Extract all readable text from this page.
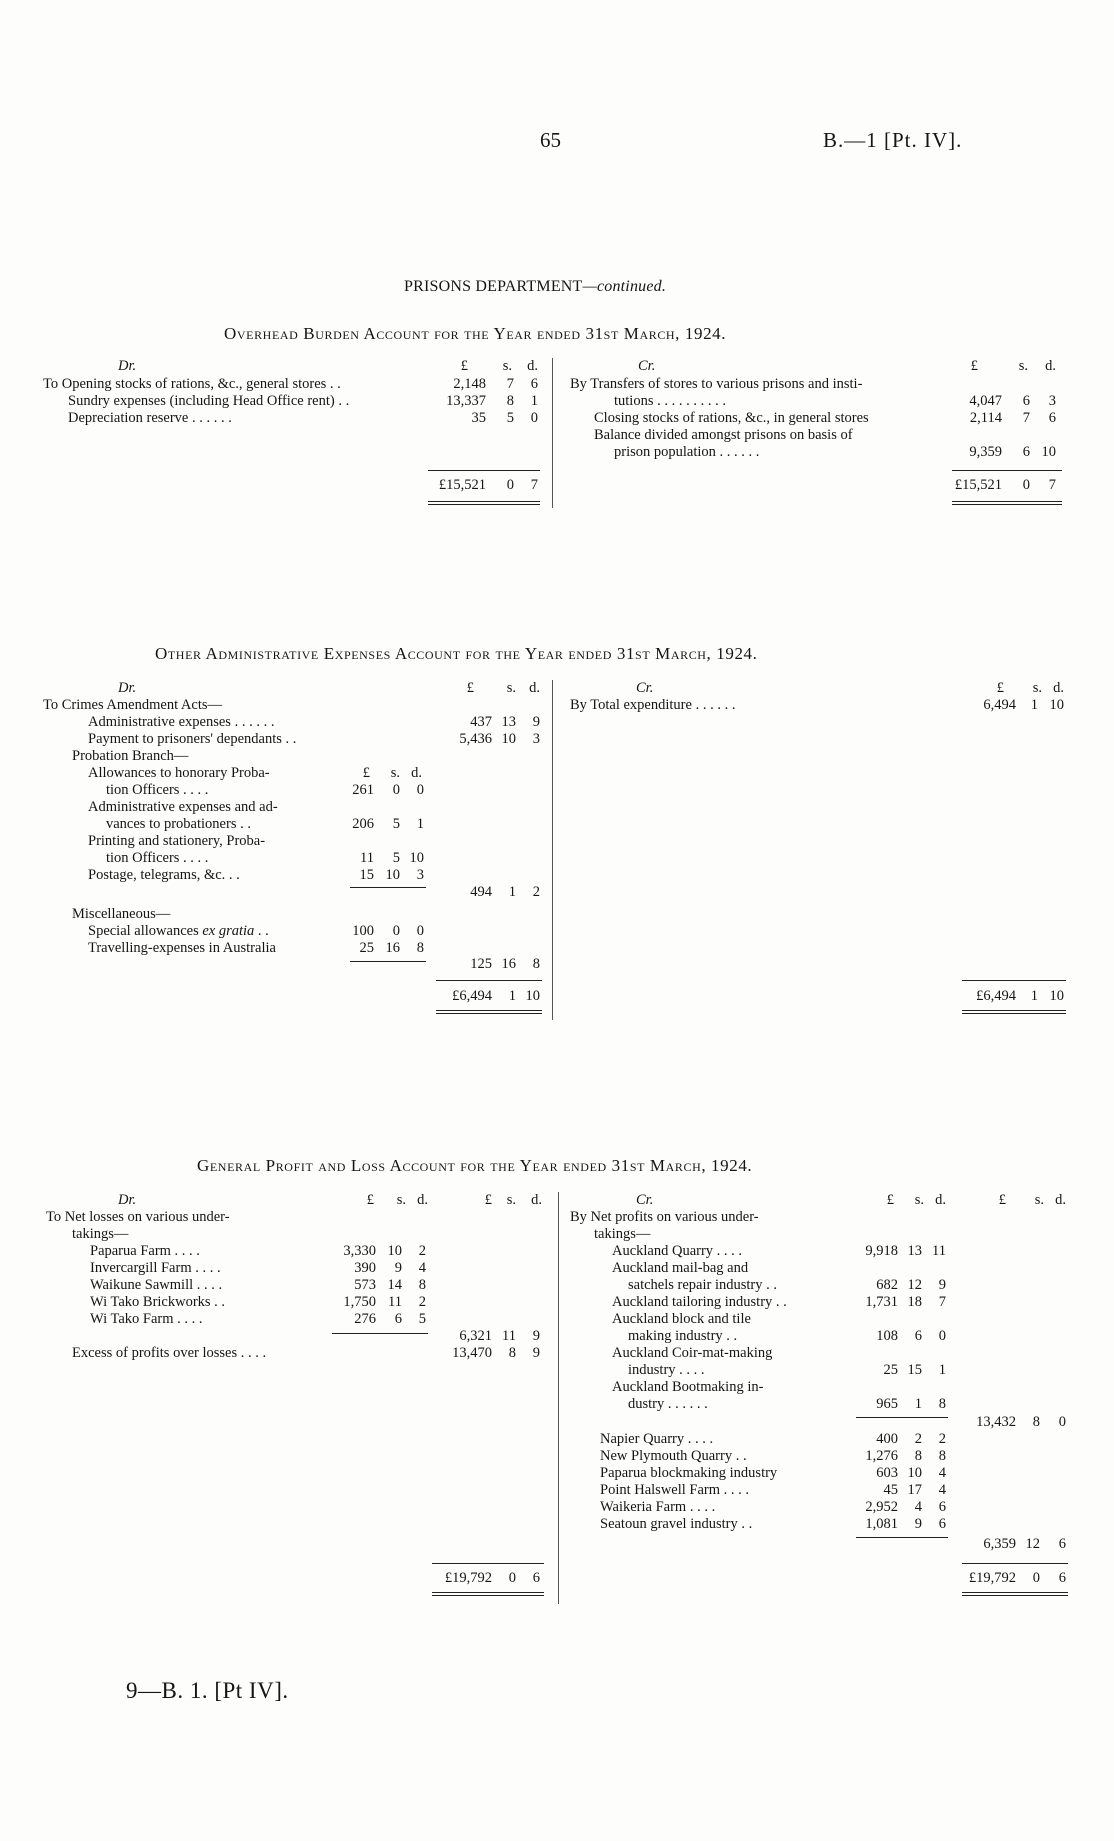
65	B.—1 [Pt. IV].
PRISONS DEPARTMENT—continued.
Overhead Burden Account for the Year ended 31st March, 1924.
Dr.	£	s.	d.
To Opening stocks of rations, &c., general stores . .	2,148	7	6
Sundry expenses (including Head Office rent) . .	13,337	8	1
Depreciation reserve . . . . . .	35	5	0
£15,521	0	7
Cr.	£	s.	d.
By Transfers of stores to various prisons and insti-
tutions . . . . . . . . . .	4,047	6	3
Closing stocks of rations, &c., in general stores	2,114	7	6
Balance divided amongst prisons on basis of
prison population . . . . . .	9,359	6 10
£15,521	0	7
Other Administrative Expenses Account for the Year ended 31st March, 1924.
Dr.	£	s. d.
To Crimes Amendment Acts—
Administrative expenses . . . . . .	437 13	9
Payment to prisoners' dependants . .	5,436 10	3
Probation Branch—
£	s. d.
Allowances to honorary Proba-
tion Officers . . . .	261	0	0
Administrative expenses and ad-
vances to probationers . .	206	5	1
Printing and stationery, Proba-
tion Officers . . . .	11	5 10
Postage, telegrams, &c. . .	15 10	3
494	1	2
Miscellaneous—
Special allowances ex gratia . .	100	0	0
Travelling-expenses in Australia	25 16	8
125 16	8
£6,494	1 10
Cr.	£	s. d.
By Total expenditure . . . . . .	6,494	1 10
£6,494	1 10
General Profit and Loss Account for the Year ended 31st March, 1924.
Dr.	£	s. d.	£	s.	d.
To Net losses on various under-
takings—
Paparua Farm . . . .	3,330 10	2
Invercargill Farm . . . .	390	9	4
Waikune Sawmill . . . .	573 14	8
Wi Tako Brickworks . .	1,750 11	2
Wi Tako Farm . . . .	276	6	5
6,321 11	9
Excess of profits over losses . . . .	13,470	8	9
£19,792	0	6
Cr.	£	s. d.	£	s. d.
By Net profits on various under-
takings—
Auckland Quarry . . . .	9,918 13 11
Auckland mail-bag and
satchels repair industry . .	682 12	9
Auckland tailoring industry . .	1,731 18	7
Auckland block and tile
making industry . .	108	6	0
Auckland Coir-mat-making
industry . . . .	25 15	1
Auckland Bootmaking in-
dustry . . . . . .	965	1	8
13,432	8	0
Napier Quarry . . . .	400	2	2
New Plymouth Quarry . .	1,276	8	8
Paparua blockmaking industry	603 10	4
Point Halswell Farm . . . .	45 17	4
Waikeria Farm . . . .	2,952	4	6
Seatoun gravel industry . .	1,081	9	6
6,359 12	6
£19,792	0	6
9—B. 1. [Pt IV].
